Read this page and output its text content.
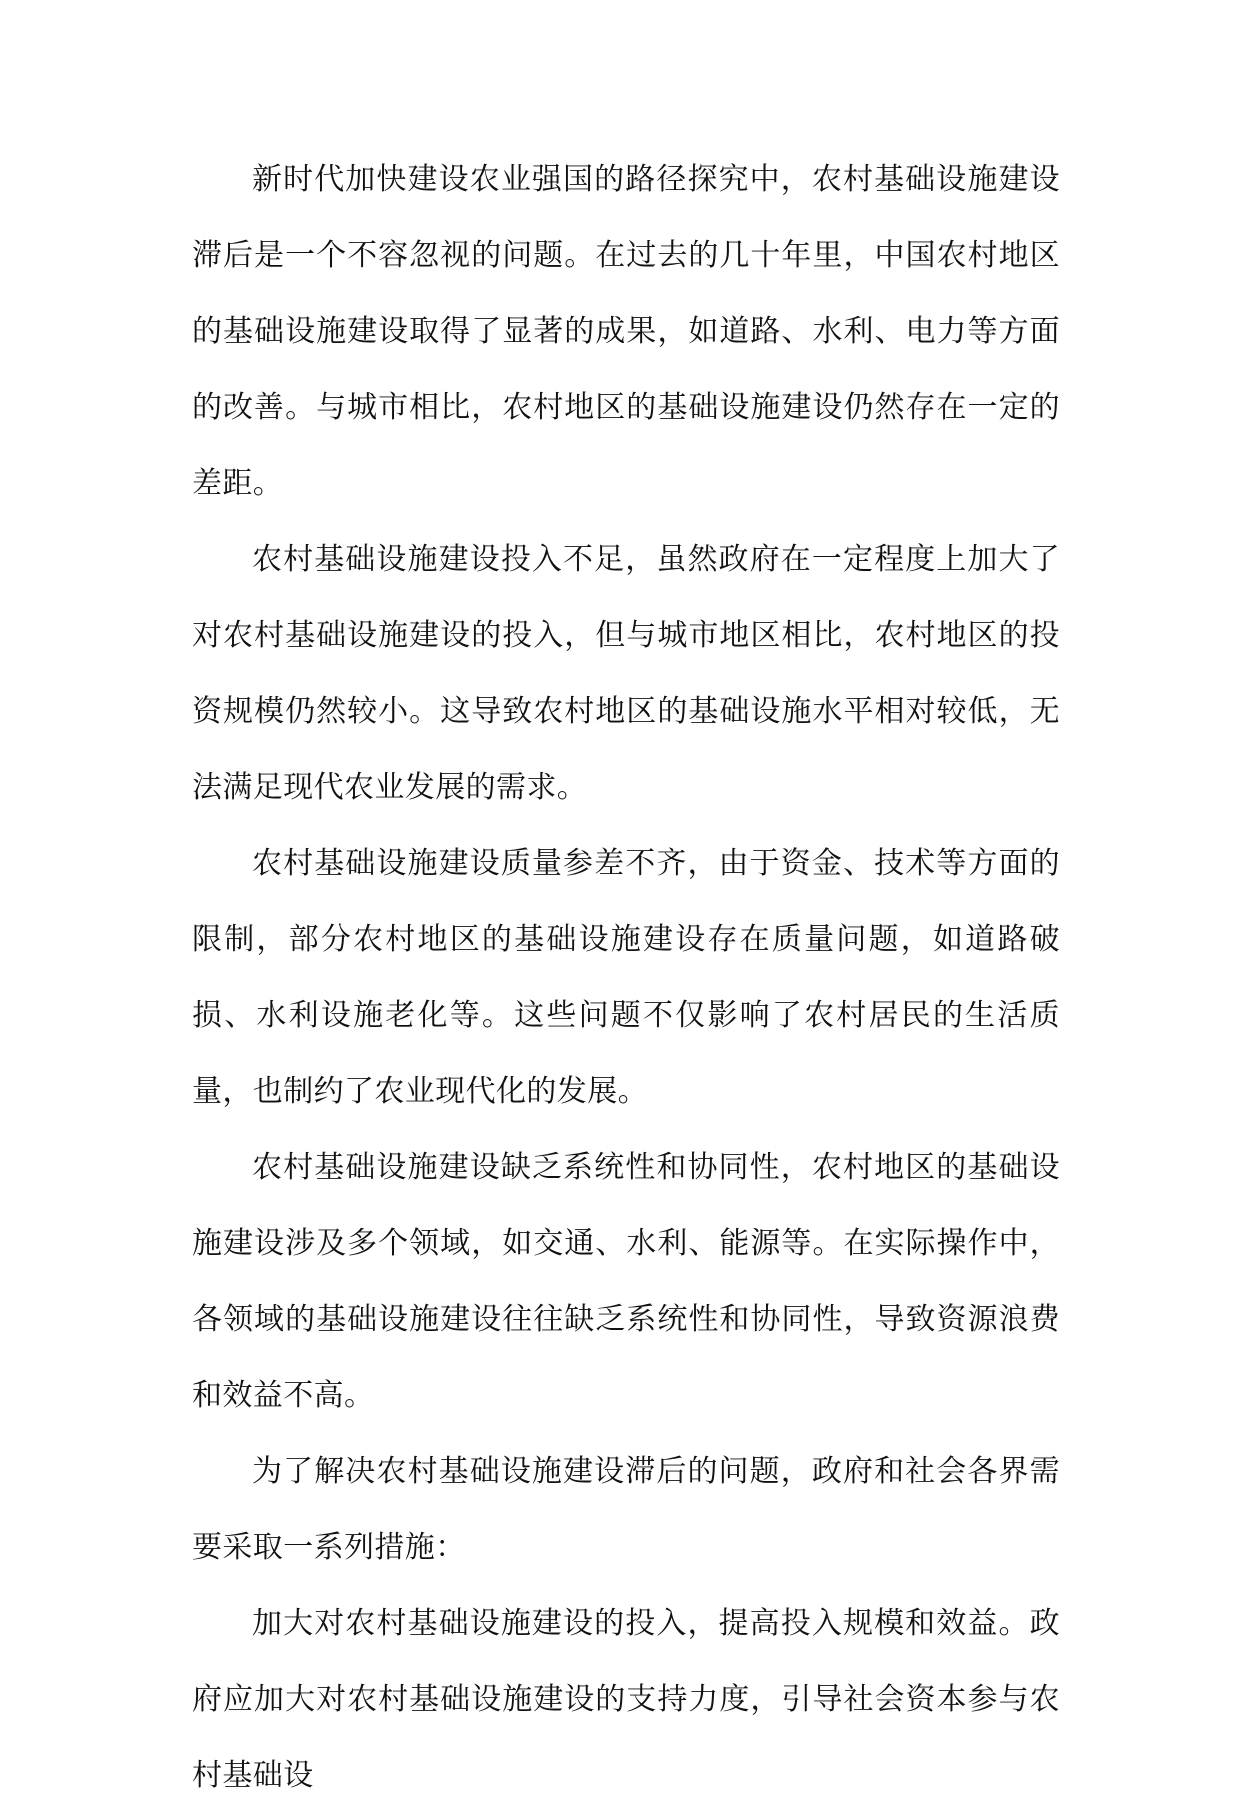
新时代加快建设农业强国的路径探究中，农村基础设施建设滞后是一个不容忽视的问题。在过去的几十年里，中国农村地区的基础设施建设取得了显著的成果，如道路、水利、电力等方面的改善。与城市相比，农村地区的基础设施建设仍然存在一定的差距。

农村基础设施建设投入不足，虽然政府在一定程度上加大了对农村基础设施建设的投入，但与城市地区相比，农村地区的投资规模仍然较小。这导致农村地区的基础设施水平相对较低，无法满足现代农业发展的需求。

农村基础设施建设质量参差不齐，由于资金、技术等方面的限制，部分农村地区的基础设施建设存在质量问题，如道路破损、水利设施老化等。这些问题不仅影响了农村居民的生活质量，也制约了农业现代化的发展。

农村基础设施建设缺乏系统性和协同性，农村地区的基础设施建设涉及多个领域，如交通、水利、能源等。在实际操作中，各领域的基础设施建设往往缺乏系统性和协同性，导致资源浪费和效益不高。

为了解决农村基础设施建设滞后的问题，政府和社会各界需要采取一系列措施：

加大对农村基础设施建设的投入，提高投入规模和效益。政府应加大对农村基础设施建设的支持力度，引导社会资本参与农村基础设
